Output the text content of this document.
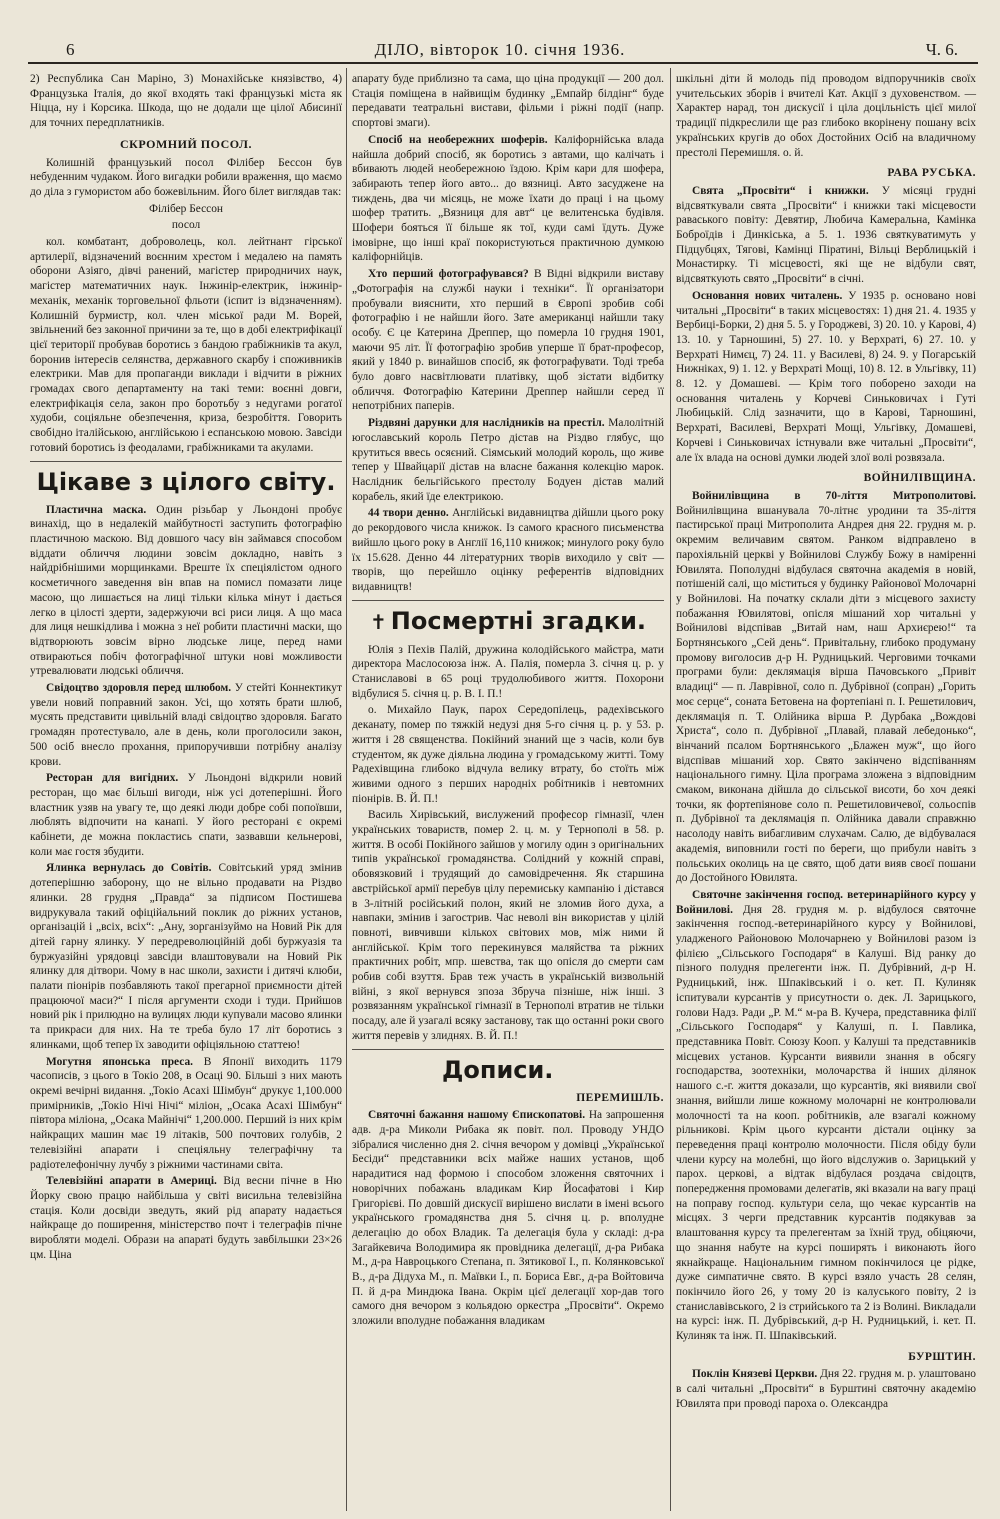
6	ДІЛО, вівторок 10. січня 1936.	Ч. 6.

2) Республика Сан Маріно, 3) Монахійське князівство, 4) Французька Італія, до якої входять такі французькі міста як Ніцца, ну і Корсика. Шкода, що не додали ще цілої Абисинії для точних передплатників.

СКРОМНИЙ ПОСОЛ.

Колишній французький посол Філібер Бессон був небуденним чудаком. Його вигадки робили враження, що маємо до діла з гумористом або божевільним. Його білет виглядав так:

Філібер Бессон

посол

кол. комбатант, доброволець, кол. лейтнант гірської артилерії, відзначений воєнним хрестом і медалею на память оборони Азіяго, дівчі ранений, магістер природничих наук, магістер математичних наук. Інжинір-електрик, інжинір-механік, механік торговельної фльоти (іспит із відзначенням). Колишній бурмистр, кол. член міської ради М. Ворей, звільнений без законної причини за те, що в добі електрифікації цієї території пробував боротись з бандою грабіжників та акул, боронив інтересів селянства, державного скарбу і споживників електрики. Мав для пропаганди виклади і відчити в ріжних громадах свого департаменту на такі теми: воєнні довги, електрифікація села, закон про боротьбу з недугами рогатої худоби, соціяльне обезпечення, криза, безробіття. Говорить свобідно італійською, англійською і еспанською мовою. Завсіди готовий боротись із феодалами, грабіжниками та акулами.

Цікаве з цілого світу.

Пластична маска. Один різьбар у Льондоні пробує винахід, що в недалекій майбутності заступить фотографію пластичною маскою. Від довшого часу він займався способом віддати обличчя людини зовсім докладно, навіть з найдрібнішими морщинками. Вреште їх спеціялістом одного косметичного заведення він впав на помисл помазати лице масою, що лишається на лиці тільки кілька мінут і дається легко в цілості здерти, задержуючи всі риси лиця. А що маса для лиця нешкідлива і можна з неї робити пластичні маски, що відтворюють зовсім вірно людське лице, перед нами отвираються побіч фотографічної штуки нові можливости утревалювати людські обличчя.

Свідоцтво здоровля перед шлюбом. У стейті Коннектикут увели новий поправний закон. Усі, що хотять брати шлюб, мусять представити цивільній владі свідоцтво здоровля. Багато громадян протестувало, але в день, коли проголосили закон, 500 осіб внесло прохання, припоручивши потрібну аналізу крови.

Ресторан для вигідних. У Льондоні відкрили новий ресторан, що має більші вигоди, ніж усі дотеперішні. Його властник узяв на увагу те, що деякі люди добре собі попоївши, люблять відпочити на канапі. У його ресторані є окремі кабінети, де можна покластись спати, зазвавши кельнерові, коли має гостя збудити.

Ялинка вернулась до Совітів. Совітський уряд змінив дотеперішню заборону, що не вільно продавати на Різдво ялинки. 28 грудня „Правда“ за підписом Постишева видрукувала такий офіційальний поклик до ріжних установ, організацій і „всіх, всіх“: „Ану, зорганізуймо на Новий Рік для дітей гарну ялинку. У передреволюційній добі буржуазія та буржуазійні урядовці завсіди влаштовували на Новий Рік ялинку для дітвори. Чому в нас школи, захисти і дитячі клюби, палати піонірів позбавляють такої прегарної приємности дітей працюючої маси?“ І після аргументи сходи і туди. Прийшов новий рік і прилюдно на вулицях люди купували масово ялинки та прикраси для них. На те треба було 17 літ боротись з ялинками, щоб тепер їх заводити офіціяльною статтею!

Могутня японська преса. В Японії виходить 1179 часописів, з цього в Токіо 208, в Осаці 90. Більші з них мають окремі вечірні видання. „Токіо Асахі Шімбун“ друкує 1,100.000 примірників, „Токіо Нічі Нічі“ міліон, „Осака Асахі Шімбун“ півтора міліона, „Осака Майнічі“ 1,200.000. Перший із них крім найкращих машин має 19 літаків, 500 почтових голубів, 2 телевізійні апарати і спеціяльну телеграфічну та радіотелефонічну лучбу з ріжними частинами світа.

Телевізійні апарати в Америці. Від весни пічне в Ню Йорку свою працю найбільша у світі висильна телевізійна стація. Коли досвіди зведуть, який рід апарату надається найкраще до поширення, міністерство почт і телеграфів пічне виробляти моделі. Образи на апараті будуть завбільшки 23×26 цм. Ціна

апарату буде приблизно та сама, що ціна продукції — 200 дол. Стація поміщена в найвищім будинку „Емпайр білдінг“ буде передавати театральні вистави, фільми і ріжні події (напр. спортові змаги).

Спосіб на необережних шоферів. Каліфорнійська влада найшла добрий спосіб, як боротись з автами, що калічать і вбивають людей необережною їздою. Крім кари для шофера, забирають тепер його авто... до вязниці. Авто засуджене на тиждень, два чи місяць, не може їхати до праці і на цьому шофер тратить. „Вязниця для авт“ це велитенська будівля. Шофери бояться її більше як тої, куди самі їдуть. Дуже імовірне, що інші краї покористуються практичною думкою каліфорнійців.

Хто перший фотографувався? В Відні відкрили виставу „Фотографія на службі науки і техніки“. Її організатори пробували вияснити, хто перший в Європі зробив собі фотографію і не найшли його. Зате американці найшли таку особу. Є це Катерина Дреппер, що померла 10 грудня 1901, маючи 95 літ. Її фотографію зробив уперше її брат-професор, який у 1840 р. винайшов спосіб, як фотографувати. Тоді треба було довго насвітлювати платівку, щоб зістати відбитку обличчя. Фотографію Катерини Дреппер найшли серед її непотрібних паперів.

Різдвяні дарунки для наслідників на престіл. Малолітній югославський король Петро дістав на Різдво глябус, що крутиться ввесь осяєний. Сіямський молодий король, що живе тепер у Швайцарії дістав на власне бажання колекцію марок. Наслідник бельгійського престолу Бодуен дістав малий корабель, який їде електрикою.

44 твори денно. Англійські видавництва дійшли цього року до рекордового числа книжок. Із самого красного письменства вийшло цього року в Англії 16,110 книжок; минулого року було їх 15.628. Денно 44 літературних творів виходило у світ — творів, що перейшло оцінку референтів відповідних видавництв!

✝ Посмертні згадки.

Юлія з Пехів Палій, дружина колодійського майстра, мати директора Маслосоюза інж. А. Палія, померла 3. січня ц. р. у Станиславові в 65 році трудолюбивого життя. Похорони відбулися 5. січня ц. р. В. І. П.!

о. Михайло Паук, парох Середопілець, радехівського деканату, помер по тяжкій недузі дня 5-го січня ц. р. у 53. р. життя і 28 священства. Покійний знаний ще з часів, коли був студентом, як дуже діяльна людина у громадському житті. Тому Радехівщина глибоко відчула велику втрату, бо стоїть між живими одного з перших народніх робітників і невтомних піонірів. В. Й. П.!

Василь Хирівський, вислужений професор гімназії, член українських товариств, помер 2. ц. м. у Тернополі в 58. р. життя. В особі Покійного зайшов у могилу один з оригінальних типів української громадянства. Солідний у кожній справі, обовязковий і трудящий до самовідречення. Як старшина австрійської армії перебув цілу перемиську кампанію і дістався в 3-літній російський полон, який не зломив його духа, а навпаки, змінив і загострив. Час неволі він використав у цілій повноті, вивчивши кількох світових мов, між ними й англійської. Крім того перекинувся маляйства та ріжних практичних робіт, мпр. шевства, так що опісля до смерти сам робив собі взуття. Брав теж участь в українській визвольній війні, з якої вернувся зпоза Збруча пізніше, ніж інші. З розвязанням української гімназії в Тернополі втратив не тільки посаду, але й узагалі всяку застанову, так що останні роки свого життя перевів у злиднях. В. Й. П.!

Дописи.
ПЕРЕМИШЛЬ.

Святочні бажання нашому Єпископатові. На запрошення адв. д-ра Миколи Рибака як повіт. пол. Проводу УНДО зібралися численно дня 2. січня вечором у домівці „Української Бесіди“ представники всіх майже наших установ, щоб нарадитися над формою і способом зложення святочних і новорічних побажань владикам Кир Йосафатові і Кир Григорієві. По довшій дискусії вирішено вислати в імені всього українського громадянства дня 5. січня ц. р. вполудне делегацію до обох Владик. Та делегація була у складі: д-ра Загайкевича Володимира як провідника делегації, д-ра Рибака М., д-ра Навроцького Степана, п. Зятикової І., п. Колянковської В., д-ра Дідуха М., п. Маївки І., п. Бориса Евг., д-ра Войтовича П. й д-ра Миндюка Івана. Окрім цієї делегації хор-дав того самого дня вечором з кольядою оркестра „Просвіти“. Окремо зложили вполудне побажання владикам

шкільні діти й молодь під проводом відпоручників своїх учительських зборів і вчителі Кат. Акції з духовенством. — Характер нарад, тон дискусії і ціла доцільність цієї милої традиції підкреслили ще раз глибоко вкорінену пошану всіх українських кругів до обох Достойних Осіб на владичному престолі Перемишля. о. й.

РАВА РУСЬКА.

Свята „Просвіти“ і книжки. У місяці грудні відсвяткували свята „Просвіти“ і книжки такі місцевости раваського повіту: Девятир, Любича Камеральна, Камінка Боброїдів і Динкіська, а 5. 1. 1936 святкуватимуть у Підцубцях, Тягові, Камінці Піратині, Вільці Верблицькій і Монастирку. Ті місцевості, які ще не відбули свят, відсвяткують свято „Просвіти“ в січні.

Основання нових читалень. У 1935 р. основано нові читальні „Просвіти“ в таких місцевостях: 1) дня 21. 4. 1935 у Вербиці-Борки, 2) дня 5. 5. у Городжеві, 3) 20. 10. у Карові, 4) 13. 10. у Тарношині, 5) 27. 10. у Верхраті, 6) 27. 10. у Верхраті Нимєц, 7) 24. 11. у Василеві, 8) 24. 9. у Погарській Нижніках, 9) 1. 12. у Верхраті Мощі, 10) 8. 12. в Ульгівку, 11) 8. 12. у Домашеві. — Крім того поборено заходи на основання читалень у Корчеві Синьковичах і Гуті Любицькій. Слід зазначити, що в Карові, Тарношині, Верхраті, Василеві, Верхраті Мощі, Ульгівку, Домашеві, Корчеві і Синьковичах істнували вже читальні „Просвіти“, але їх влада на основі думки людей злої волі розвязала.

ВОЙНИЛІВЩИНА.

Войнилівщина в 70-ліття Митрополитові. Войнилівщина вшанувала 70-літнє уродини та 35-ліття пастирської праці Митрополита Андрея дня 22. грудня м. р. окремим величавим святом. Ранком відправлено в парохіяльній церкві у Войнилові Службу Божу в наміренні Ювилята. Пополудні відбулася святочна академія в новій, потішеній салі, що міститься у будинку Районової Молочарні у Войнилові. На початку склали діти з місцевого захисту побажання Ювилятові, опісля мішаний хор читальні у Войнилові відспівав „Витай нам, наш Архиєрею!“ та Бортнянського „Сей день“. Привітальну, глибоко продуману промову виголосив д-р Н. Рудницький. Черговими точками програми були: деклямація вірша Пачовського „Привіт владиці“ — п. Лаврівної, соло п. Дубрівної (сопран) „Горить моє серце“, соната Бетовена на фортепіані п. І. Решетилович, деклямація п. Т. Олійника вірша Р. Дурбака „Вождові Христа“, соло п. Дубрівної „Плавай, плавай лебедонько“, вінчаний псалом Бортнянського „Блажен муж“, що його відспівав мішаний хор. Свято закінчено відспіванням національного гимну. Ціла програма зложена з відповідним смаком, виконана дійшла до сільської висоти, бо хоч деякі точки, як фортепіянове соло п. Решетиловичевої, сольоспів п. Дубрівної та деклямація п. Олійника давали справжню насолоду навіть вибагливим слухачам. Салю, де відбувалася академія, виповнили гості по береги, що прибули навіть з польських околиць на це свято, щоб дати вияв своєї пошани до Достойного Ювилята.

Святочне закінчення господ. ветеринарійного курсу у Войнилові. Дня 28. грудня м. р. відбулося святочне закінчення господ.-ветеринарійного курсу у Войнилові, уладженого Районовою Молочарнею у Войнилові разом із філією „Сільського Господаря“ в Калуші. Від ранку до пізного полудня прелегенти інж. П. Дубрівний, д-р Н. Рудницький, інж. Шпаківський і о. кет. П. Кулиняк іспитували курсантів у присутности о. дек. Л. Зарицького, голови Надз. Ради „Р. М.“ м-ра В. Кучера, представника філії „Сільського Господаря“ у Калуші, п. І. Павлика, представника Повіт. Союзу Кооп. у Калуші та представників місцевих установ. Курсанти виявили знання в обсягу господарства, зоотехніки, молочарства й інших ділянок нашого с.-г. життя доказали, що курсантів, які виявили свої знання, вийшли лише кожному молочарні не контролювали молочності та на кооп. робітників, але взагалі кожному рільникові. Крім цього курсанти дістали оцінку за переведення праці контролю молочности. Після обіду були члени курсу на молебні, що його відслужив о. Зарицький у пароx. церкові, а відтак відбулася роздача свідоцтв, попередження промовами делегатів, які вказали на вагу праці на поправу господ. культури села, що чекає курсантів на місцях. З черги представник курсантів подякував за влаштовання курсу та прелегентам за їхній труд, обіцяючи, що знання набуте на курсі поширять і виконають його якнайкраще. Національним гимном покінчилося це рідке, дуже симпатичне свято. В курсі взяло участь 28 селян, покінчило його 26, у тому 20 із калуського повіту, 2 із станиславівського, 2 із стрийського та 2 із Волині. Викладали на курсі: інж. П. Дубрівський, д-р Н. Рудницький, і. кет. П. Кулиняк та інж. П. Шпаківський.

БУРШТИН.

Поклін Князеві Церкви. Дня 22. грудня м. р. улаштовано в салі читальні „Просвіти“ в Бурштині святочну академію Ювилята при проводі пароха о. Олександра
